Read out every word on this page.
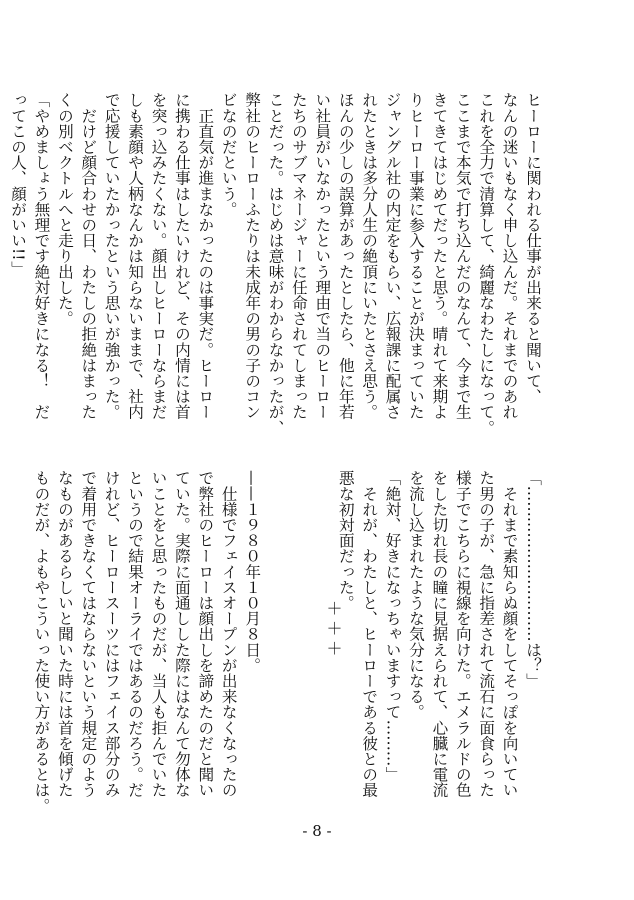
ヒーローに関われる仕事が出来ると聞いて、

なんの迷いもなく申し込んだ。それまでのあれ

これを全力で清算して、綺麗なわたしになって。

ここまで本気で打ち込んだのなんて、今まで生

きてきてはじめてだったと思う。晴れて来期よ

りヒーロー事業に参入することが決まっていた

ジャングル社の内定をもらい、広報課に配属さ

れたときは多分人生の絶頂にいたとさえ思う。

ほんの少しの誤算があったとしたら、他に年若

い社員がいなかったという理由で当のヒーロー

たちのサブマネージャーに任命されてしまった

ことだった。はじめは意味がわからなかったが、

弊社のヒーローふたりは未成年の男の子のコン

ビなのだという。

　正直気が進まなかったのは事実だ。ヒーロー

に携わる仕事はしたいけれど、その内情には首

を突っ込みたくない。顔出しヒーローならまだ

しも素顔や人柄なんかは知らないままで、社内

で応援していたかったという思いが強かった。

　だけど顔合わせの日、わたしの拒絶はまった

くの別ベクトルへと走り出した。

「やめましょう無理です絶対好きになる！　だ

ってこの人、顔がいい!!」

「…………………………は？」

　それまで素知らぬ顔をしてそっぽを向いてい

た男の子が、急に指差されて流石に面食らった

様子でこちらに視線を向けた。エメラルドの色

をした切れ長の瞳に見据えられて、心臓に電流

を流し込まれたような気分になる。

「絶対、好きになっちゃいますって………」

　それが、わたしと、ヒーローである彼との最

悪な初対面だった。

——１９８０年１０月８日。

　仕様でフェイスオープンが出来なくなったの

で弊社のヒーローは顔出しを諦めたのだと聞い

ていた。実際に面通しした際にはなんて勿体な

いことをと思ったものだが、当人も拒んでいた

というので結果オーライではあるのだろう。だ

けれど、ヒーロースーツにはフェイス部分のみ

で着用できなくてはならないという規定のよう

なものがあるらしいと聞いた時には首を傾げた

ものだが、よもやこういった使い方があるとは。	＋＋＋
- 8 -
